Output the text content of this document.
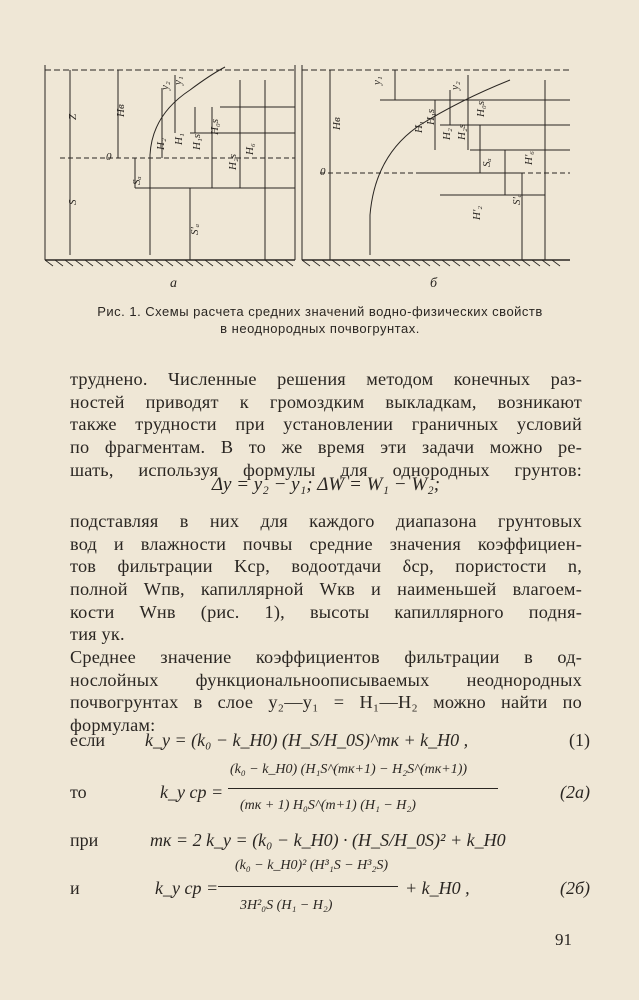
Z
S
0
Hв
y₂
y₁
H₂ H₁ H₁s
H₀s
H₂s
H₆
Sₐ
S'ₐ
0
Hв
y₁
y₂
H₁
H₁s
H₂ H₂s
H₀s
Sₐ
S'ₐ
H'₆
H'₂
а	б
Рис. 1. Схемы расчета средних значений водно-физических свойств
в неоднородных почвогрунтах.
труднено. Численные решения методом конечных раз-
ностей приводят к громоздким выкладкам, возникают
также трудности при установлении граничных условий
по фрагментам. В то же время эти задачи можно ре-
шать, используя формулы для однородных грунтов:
Δy = y₂ − y₁; ΔW = W₁ − W₂;
подставляя в них для каждого диапазона грунтовых
вод и влажности почвы средние значения коэффициен-
тов фильтрации Kср, водоотдачи δср, пористости n,
полной Wпв, капиллярной Wкв и наименьшей влагоем-
кости Wнв (рис. 1), высоты капиллярного подня-
тия yк.
Среднее значение коэффициентов фильтрации в од-
нослойных функциональноописываемых неоднородных
почвогрунтах в слое y₂—y₁ = H₁—H₂ можно найти по
формулам:
если k_y = (k₀ − k_H0) (H_S/H_0S)^mк + k_H0 ,	(1)
то	k_y ср =
(k₀ − k_H0) (H₁S^(mк+1) − H₂S^(mк+1))
(mк + 1) H₀S^(m+1) (H₁ − H₂)
(2а)
при	mк = 2 k_y = (k₀ − k_H0) · (H_S/H_0S)² + k_H0
и	k_y ср =
(k₀ − k_H0)² (H³₁S − H³₂S)
3H²₀S (H₁ − H₂)
+ k_H0 ,	(2б)
91
